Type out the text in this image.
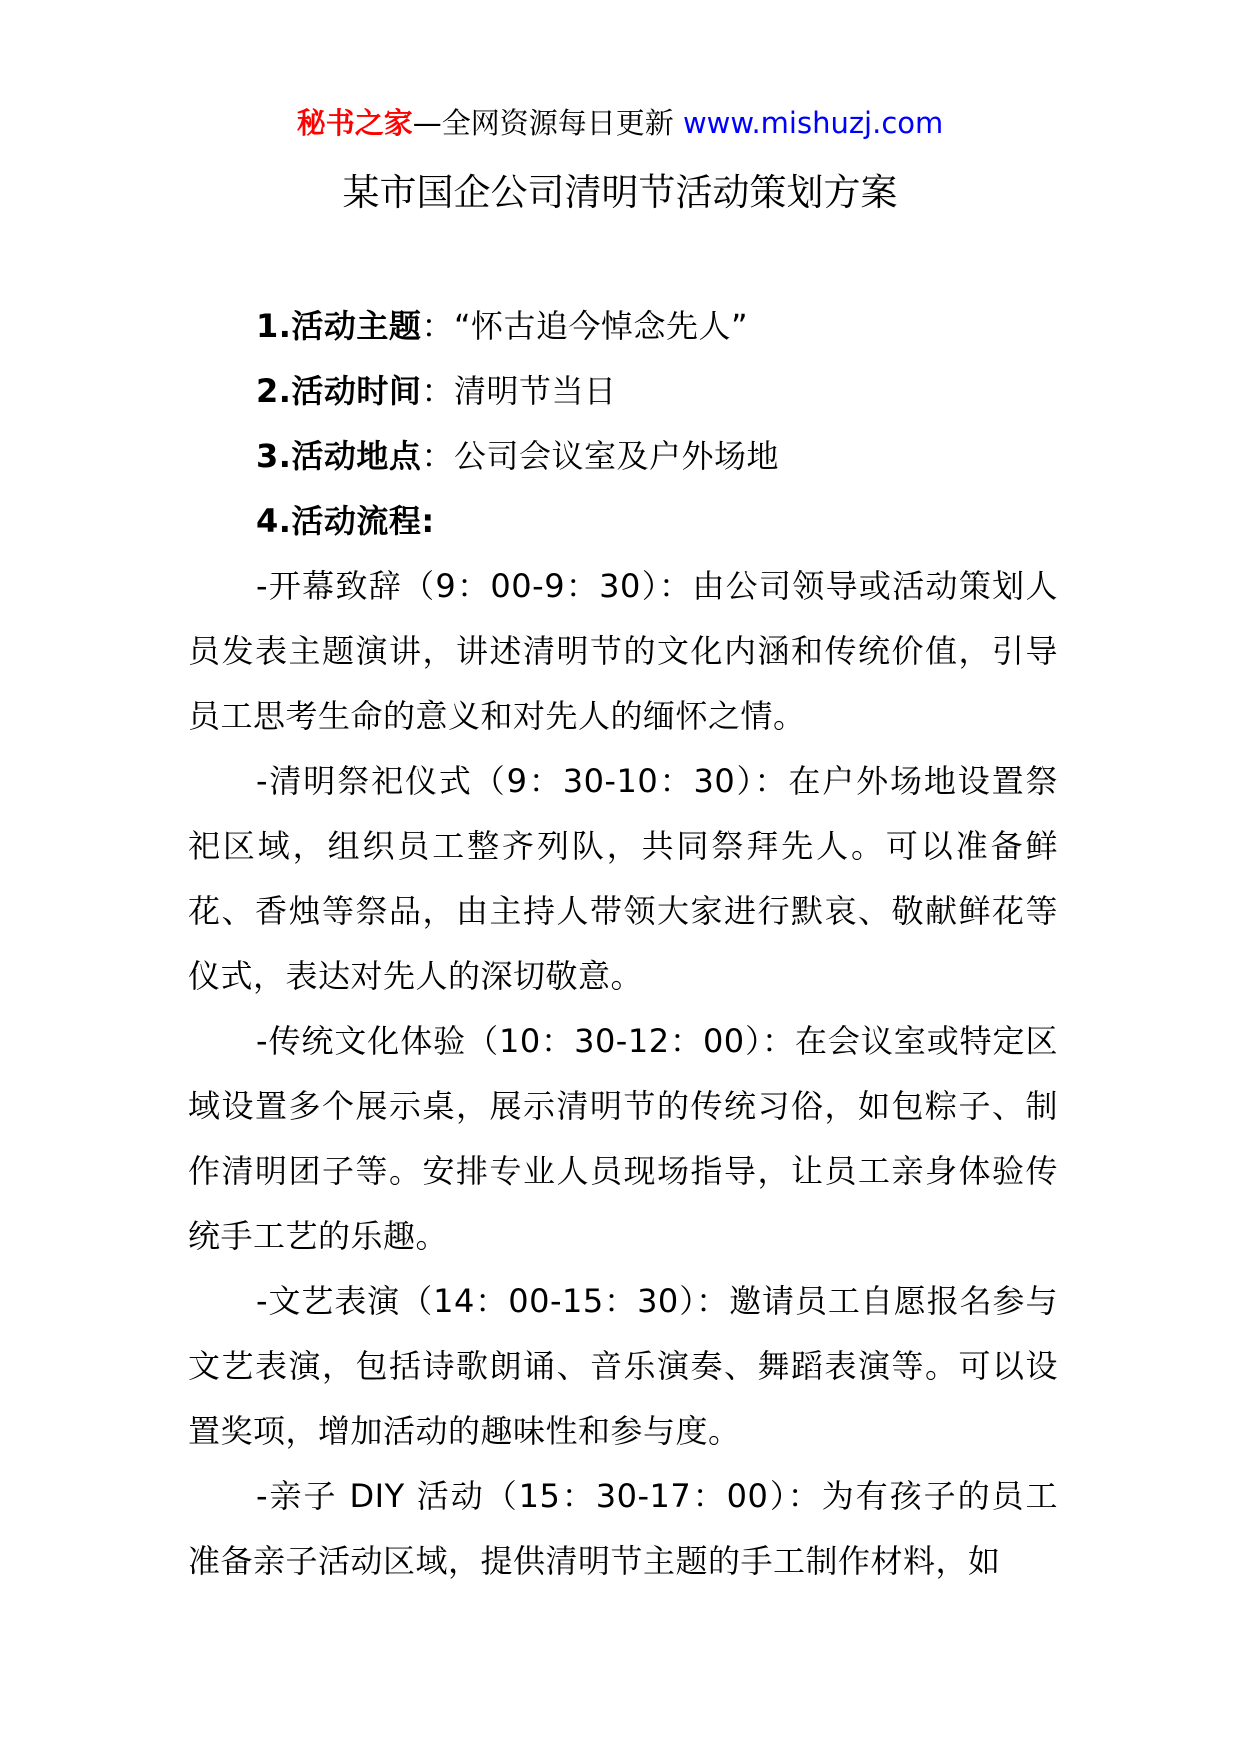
秘书之家—全网资源每日更新 www.mishuzj.com
某市国企公司清明节活动策划方案

1.活动主题：“怀古追今悼念先人”

2.活动时间：清明节当日

3.活动地点：公司会议室及户外场地

4.活动流程:

-开幕致辞（9：00-9：30）：由公司领导或活动策划人员发表主题演讲，讲述清明节的文化内涵和传统价值，引导员工思考生命的意义和对先人的缅怀之情。

-清明祭祀仪式（9：30-10：30）：在户外场地设置祭祀区域，组织员工整齐列队，共同祭拜先人。可以准备鲜花、香烛等祭品，由主持人带领大家进行默哀、敬献鲜花等仪式，表达对先人的深切敬意。

-传统文化体验（10：30-12：00）：在会议室或特定区域设置多个展示桌，展示清明节的传统习俗，如包粽子、制作清明团子等。安排专业人员现场指导，让员工亲身体验传统手工艺的乐趣。

-文艺表演（14：00-15：30）：邀请员工自愿报名参与文艺表演，包括诗歌朗诵、音乐演奏、舞蹈表演等。可以设置奖项，增加活动的趣味性和参与度。

-亲子 DIY 活动（15：30-17：00）：为有孩子的员工准备亲子活动区域，提供清明节主题的手工制作材料，如
